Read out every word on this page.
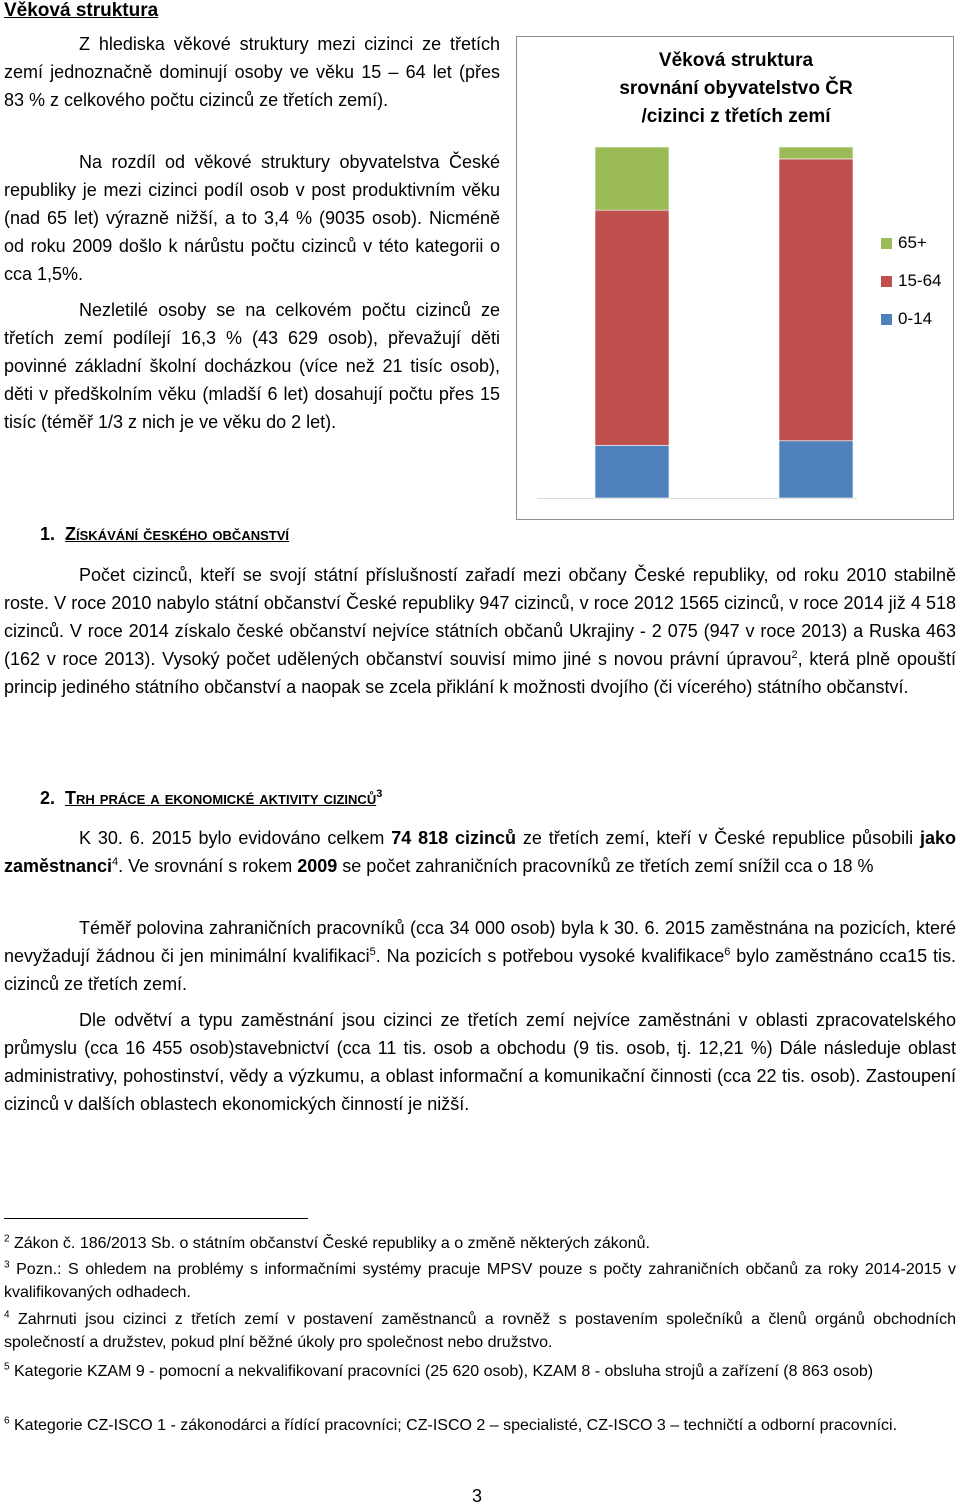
Věková struktura

Z hlediska věkové struktury mezi cizinci ze třetích zemí jednoznačně dominují osoby ve věku 15 – 64 let (přes 83 % z celkového počtu cizinců ze třetích zemí).

Na rozdíl od věkové struktury obyvatelstva České republiky je mezi cizinci podíl osob v post produktivním věku (nad 65 let) výrazně nižší, a to 3,4 % (9035 osob). Nicméně od roku 2009 došlo k nárůstu počtu cizinců v této kategorii o cca 1,5%.

Nezletilé osoby se na celkovém počtu cizinců ze třetích zemí podílejí 16,3 % (43 629 osob), převažují děti povinné základní školní docházkou (více než 21 tisíc osob), děti v předškolním věku (mladší 6 let) dosahují počtu přes 15 tisíc (téměř 1/3 z nich je ve věku do 2 let).

Věková struktura
srovnání obyvatelstvo ČR
/cizinci z třetích zemí
65+
15-64
0-14
1. Získávání českého občanství

Počet cizinců, kteří se svojí státní příslušností zařadí mezi občany České republiky, od roku 2010 stabilně roste. V roce 2010 nabylo státní občanství České republiky 947 cizinců, v roce 2012 1565 cizinců, v roce 2014 již 4 518 cizinců. V roce 2014 získalo české občanství nejvíce státních občanů Ukrajiny - 2 075 (947 v roce 2013) a Ruska 463 (162 v roce 2013). Vysoký počet udělených občanství souvisí mimo jiné s novou právní úpravou$^2$, která plně opouští princip jediného státního občanství a naopak se zcela přiklání k možnosti dvojího (či vícerého) státního občanství.

2. Trh práce a ekonomické aktivity cizinců$^3$

K 30. 6. 2015 bylo evidováno celkem 74 818 cizinců ze třetích zemí, kteří v České republice působili jako zaměstnanci$^4$. Ve srovnání s rokem 2009 se počet zahraničních pracovníků ze třetích zemí snížil cca o 18 %

Téměř polovina zahraničních pracovníků (cca 34 000 osob) byla k 30. 6. 2015 zaměstnána na pozicích, které nevyžadují žádnou či jen minimální kvalifikaci$^5$. Na pozicích s potřebou vysoké kvalifikace$^6$ bylo zaměstnáno cca15 tis. cizinců ze třetích zemí.

Dle odvětví a typu zaměstnání jsou cizinci ze třetích zemí nejvíce zaměstnáni v oblasti zpracovatelského průmyslu (cca 16 455 osob)stavebnictví (cca 11 tis. osob a obchodu (9 tis. osob, tj. 12,21 %) Dále následuje oblast administrativy, pohostinství, vědy a výzkumu, a oblast informační a komunikační činnosti (cca 22 tis. osob). Zastoupení cizinců v dalších oblastech ekonomických činností je nižší.

$^2$ Zákon č. 186/2013 Sb. o státním občanství České republiky a o změně některých zákonů.

$^3$ Pozn.: S ohledem na problémy s informačními systémy pracuje MPSV pouze s počty zahraničních občanů za roky 2014-2015 v kvalifikovaných odhadech.

$^4$ Zahrnuti jsou cizinci z třetích zemí v postavení zaměstnanců a rovněž s postavením společníků a členů orgánů obchodních společností a družstev, pokud plní běžné úkoly pro společnost nebo družstvo.

$^5$ Kategorie KZAM 9 - pomocní a nekvalifikovaní pracovníci (25 620 osob), KZAM 8 - obsluha strojů a zařízení (8 863 osob)

$^6$ Kategorie CZ-ISCO 1 - zákonodárci a řídící pracovníci; CZ-ISCO 2 – specialisté, CZ-ISCO 3 – techničtí a odborní pracovníci.

3
